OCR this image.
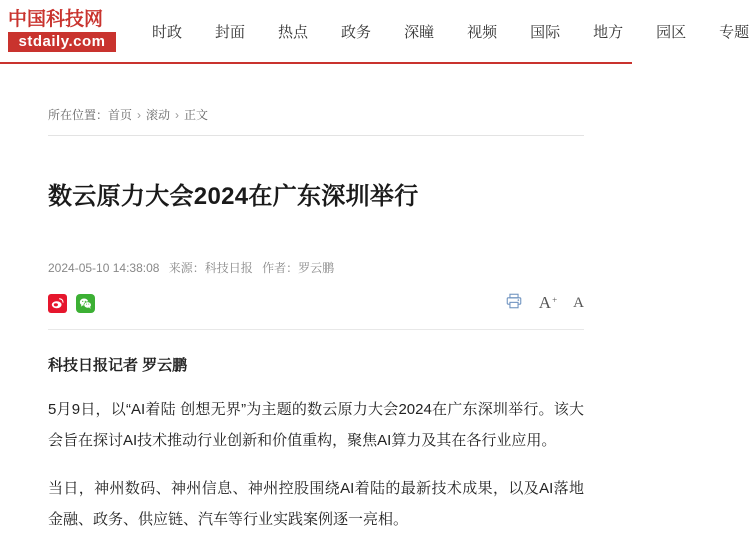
中国科技网
stdaily.com
时政 封面 热点 政务 深瞳 视频 国际 地方 园区 专题
所在位置： 首页 › 滚动 › 正文
数云原力大会2024在广东深圳举行
2024-05-10 14:38:08 来源：科技日报 作者：罗云鹏
A + A
科技日报记者 罗云鹏

5月9日，以“AI着陆 创想无界”为主题的数云原力大会2024在广东深圳举行。该大会旨在探讨AI技术推动行业创新和价值重构，聚焦AI算力及其在各行业应用。

当日，神州数码、神州信息、神州控股围绕AI着陆的最新技术成果，以及AI落地金融、政务、供应链、汽车等行业实践案例逐一亮相。
